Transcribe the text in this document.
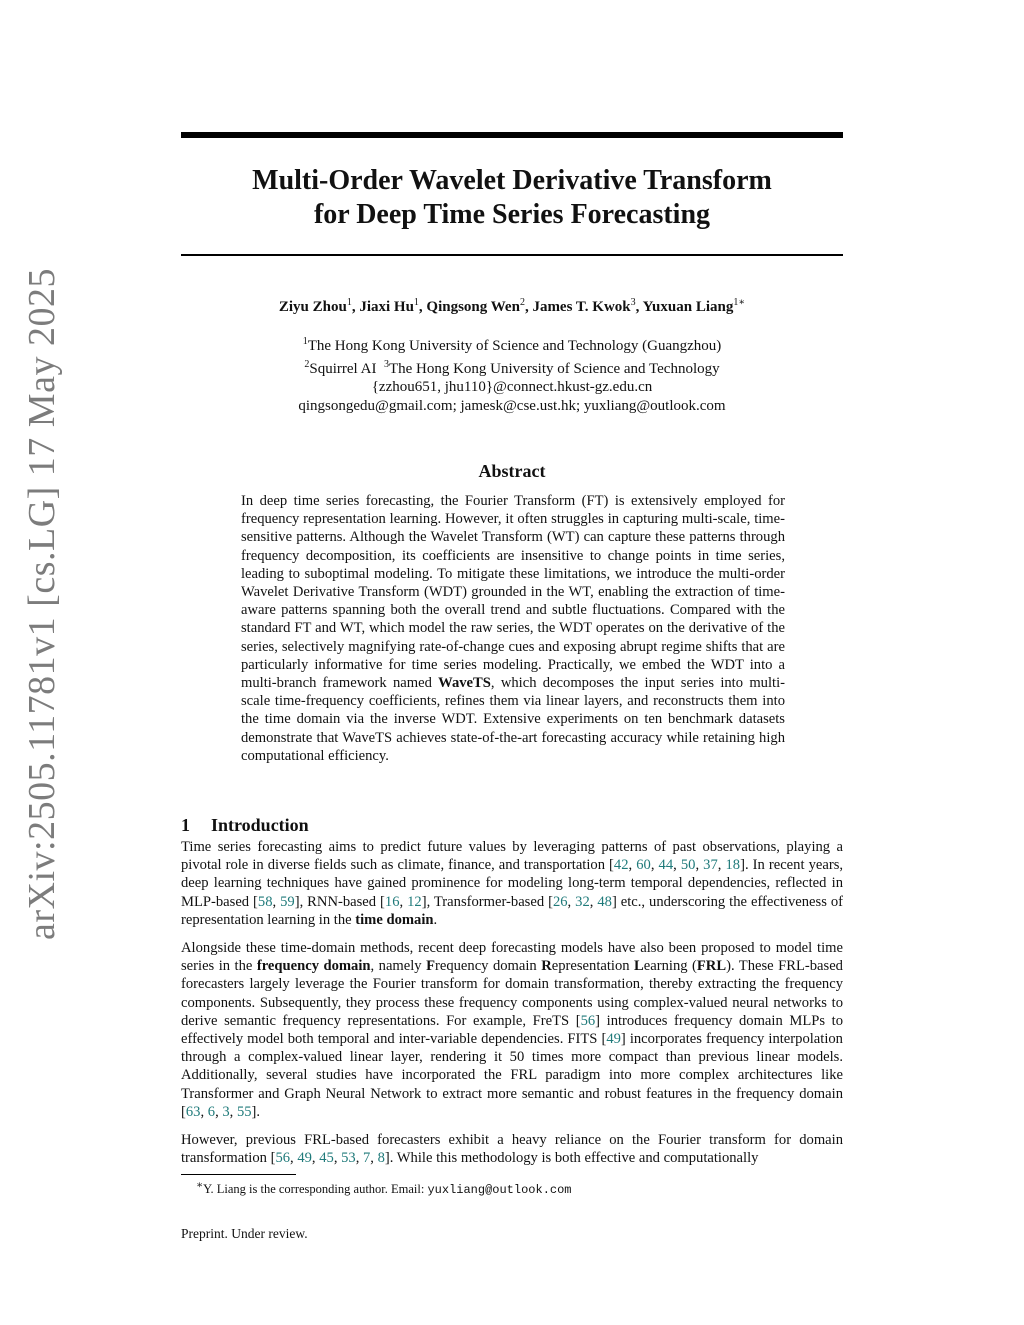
arXiv:2505.11781v1 [cs.LG] 17 May 2025
Multi-Order Wavelet Derivative Transform
for Deep Time Series Forecasting
Ziyu Zhou$^1$, Jiaxi Hu$^1$, Qingsong Wen$^2$, James T. Kwok$^3$, Yuxuan Liang$^{1∗}$
$^1$The Hong Kong University of Science and Technology (Guangzhou)
$^2$Squirrel AI $^3$The Hong Kong University of Science and Technology
{zzhou651, jhu110}@connect.hkust-gz.edu.cn
qingsongedu@gmail.com; jamesk@cse.ust.hk; yuxliang@outlook.com
Abstract
In deep time series forecasting, the Fourier Transform (FT) is extensively employed for frequency representation learning. However, it often struggles in capturing multi-scale, time-sensitive patterns. Although the Wavelet Transform (WT) can capture these patterns through frequency decomposition, its coefficients are insensitive to change points in time series, leading to suboptimal modeling. To mitigate these limitations, we introduce the multi-order Wavelet Derivative Transform (WDT) grounded in the WT, enabling the extraction of time-aware patterns spanning both the overall trend and subtle fluctuations. Compared with the standard FT and WT, which model the raw series, the WDT operates on the derivative of the series, selectively magnifying rate-of-change cues and exposing abrupt regime shifts that are particularly informative for time series modeling. Practically, we embed the WDT into a multi-branch framework named WaveTS, which decomposes the input series into multi-scale time-frequency coefficients, refines them via linear layers, and reconstructs them into the time domain via the inverse WDT. Extensive experiments on ten benchmark datasets demonstrate that WaveTS achieves state-of-the-art forecasting accuracy while retaining high computational efficiency.
1 Introduction

Time series forecasting aims to predict future values by leveraging patterns of past observations, playing a pivotal role in diverse fields such as climate, finance, and transportation [42, 60, 44, 50, 37, 18]. In recent years, deep learning techniques have gained prominence for modeling long-term temporal dependencies, reflected in MLP-based [58, 59], RNN-based [16, 12], Transformer-based [26, 32, 48] etc., underscoring the effectiveness of representation learning in the time domain.

Alongside these time-domain methods, recent deep forecasting models have also been proposed to model time series in the frequency domain, namely Frequency domain Representation Learning (FRL). These FRL-based forecasters largely leverage the Fourier transform for domain transformation, thereby extracting the frequency components. Subsequently, they process these frequency components using complex-valued neural networks to derive semantic frequency representations. For example, FreTS [56] introduces frequency domain MLPs to effectively model both temporal and inter-variable dependencies. FITS [49] incorporates frequency interpolation through a complex-valued linear layer, rendering it 50 times more compact than previous linear models. Additionally, several studies have incorporated the FRL paradigm into more complex architectures like Transformer and Graph Neural Network to extract more semantic and robust features in the frequency domain [63, 6, 3, 55].

However, previous FRL-based forecasters exhibit a heavy reliance on the Fourier transform for domain transformation [56, 49, 45, 53, 7, 8]. While this methodology is both effective and computationally

∗Y. Liang is the corresponding author. Email: yuxliang@outlook.com
Preprint. Under review.
